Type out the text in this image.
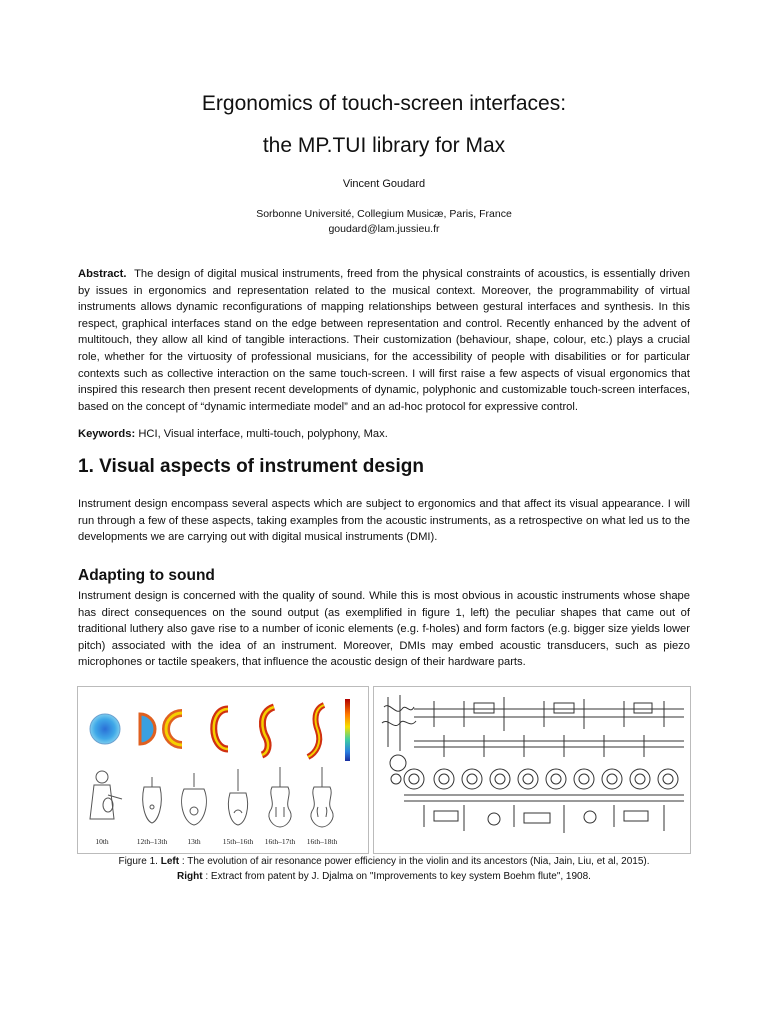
Ergonomics of touch-screen interfaces:
the MP.TUI library for Max

Vincent Goudard

Sorbonne Université, Collegium Musicæ, Paris, France

goudard@lam.jussieu.fr

Abstract. The design of digital musical instruments, freed from the physical constraints of acoustics, is essentially driven by issues in ergonomics and representation related to the musical context. Moreover, the programmability of virtual instruments allows dynamic reconfigurations of mapping relationships between gestural interfaces and synthesis. In this respect, graphical interfaces stand on the edge between representation and control. Recently enhanced by the advent of multitouch, they allow all kind of tangible interactions. Their customization (behaviour, shape, colour, etc.) plays a crucial role, whether for the virtuosity of professional musicians, for the accessibility of people with disabilities or for particular contexts such as collective interaction on the same touch-screen. I will first raise a few aspects of visual ergonomics that inspired this research then present recent developments of dynamic, polyphonic and customizable touch-screen interfaces, based on the concept of “dynamic intermediate model” and an ad-hoc protocol for expressive control.

Keywords: HCI, Visual interface, multi-touch, polyphony, Max.

1. Visual aspects of instrument design

Instrument design encompass several aspects which are subject to ergonomics and that affect its visual appearance. I will run through a few of these aspects, taking examples from the acoustic instruments, as a retrospective on what led us to the developments we are carrying out with digital musical instruments (DMI).

Adapting to sound

Instrument design is concerned with the quality of sound. While this is most obvious in acoustic instruments whose shape has direct consequences on the sound output (as exemplified in figure 1, left) the peculiar shapes that came out of traditional luthery also gave rise to a number of iconic elements (e.g. f-holes) and form factors (e.g. bigger size yields lower pitch) associated with the idea of an instrument. Moreover, DMIs may embed acoustic transducers, such as piezo microphones or tactile speakers, that influence the acoustic design of their hardware parts.

10th	12th–13th	13th	15th–16th 16th–17th 16th–18th

Figure 1. Left : The evolution of air resonance power efficiency in the violin and its ancestors (Nia, Jain, Liu, et al, 2015).

Right : Extract from patent by J. Djalma on "Improvements to key system Boehm flute", 1908.
